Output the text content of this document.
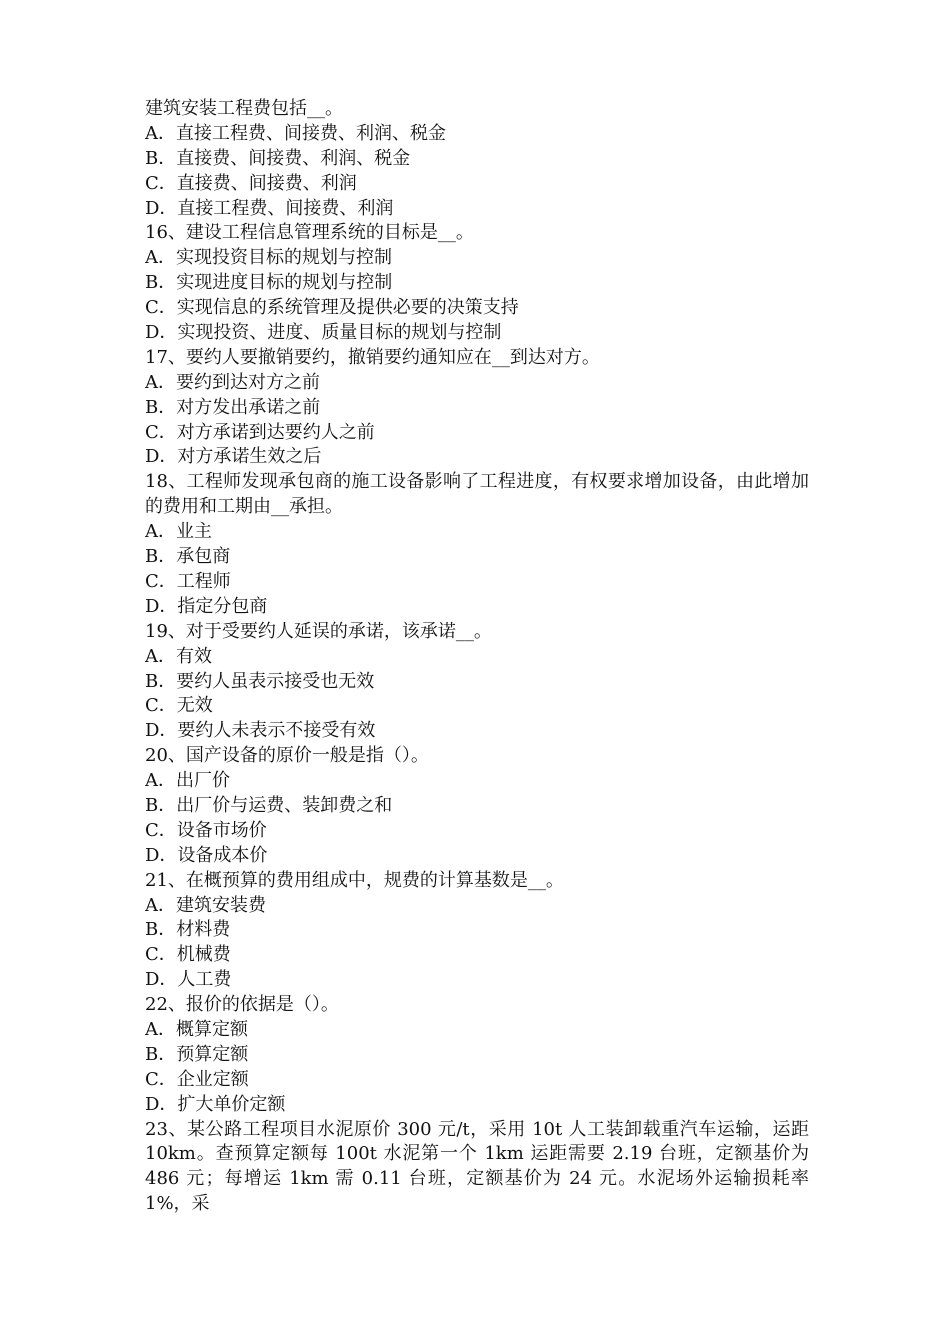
建筑安装工程费包括__。
A．直接工程费、间接费、利润、税金
B．直接费、间接费、利润、税金
C．直接费、间接费、利润
D．直接工程费、间接费、利润
16、建设工程信息管理系统的目标是__。
A．实现投资目标的规划与控制
B．实现进度目标的规划与控制
C．实现信息的系统管理及提供必要的决策支持
D．实现投资、进度、质量目标的规划与控制
17、要约人要撤销要约，撤销要约通知应在__到达对方。
A．要约到达对方之前
B．对方发出承诺之前
C．对方承诺到达要约人之前
D．对方承诺生效之后
18、工程师发现承包商的施工设备影响了工程进度，有权要求增加设备，由此增加的费用和工期由__承担。
A．业主
B．承包商
C．工程师
D．指定分包商
19、对于受要约人延误的承诺，该承诺__。
A．有效
B．要约人虽表示接受也无效
C．无效
D．要约人未表示不接受有效
20、国产设备的原价一般是指（）。
A．出厂价
B．出厂价与运费、装卸费之和
C．设备市场价
D．设备成本价
21、在概预算的费用组成中，规费的计算基数是__。
A．建筑安装费
B．材料费
C．机械费
D．人工费
22、报价的依据是（）。
A．概算定额
B．预算定额
C．企业定额
D．扩大单价定额
23、某公路工程项目水泥原价 300 元/t，采用 10t 人工装卸载重汽车运输，运距 10km。查预算定额每 100t 水泥第一个 1km 运距需要 2.19 台班，定额基价为 486 元；每增运 1km 需 0.11 台班，定额基价为 24 元。水泥场外运输损耗率 1%，采
